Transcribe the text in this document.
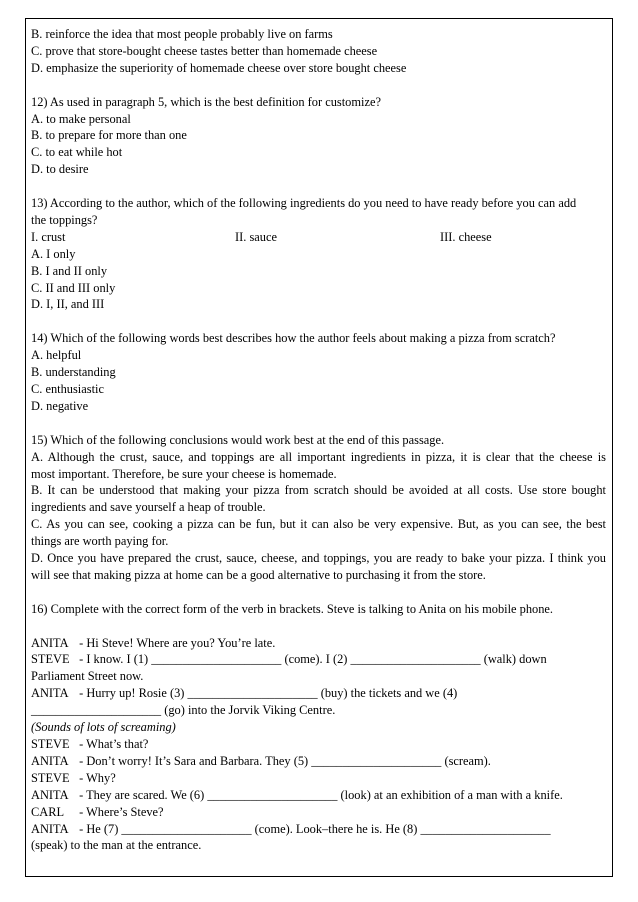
B. reinforce the idea that most people probably live on farms
C. prove that store-bought cheese tastes better than homemade cheese
D. emphasize the superiority of homemade cheese over store bought cheese
12) As used in paragraph 5, which is the best definition for customize?
A. to make personal
B. to prepare for more than one
C. to eat while hot
D. to desire
13) According to the author, which of the following ingredients do you need to have ready before you can add
the toppings?
I. crust	II. sauce	III. cheese
A. I only
B. I and II only
C. II and III only
D. I, II, and III
14) Which of the following words best describes how the author feels about making a pizza from scratch?
A. helpful
B. understanding
C. enthusiastic
D. negative
15) Which of the following conclusions would work best at the end of this passage.
A. Although the crust, sauce, and toppings are all important ingredients in pizza, it is clear that the cheese is
most important. Therefore, be sure your cheese is homemade.
B. It can be understood that making your pizza from scratch should be avoided at all costs. Use store bought
ingredients and save yourself a heap of trouble.
C. As you can see, cooking a pizza can be fun, but it can also be very expensive. But, as you can see, the best
things are worth paying for.
D. Once you have prepared the crust, sauce, cheese, and toppings, you are ready to bake your pizza. I think you
will see that making pizza at home can be a good alternative to purchasing it from the store.
16) Complete with the correct form of the verb in brackets. Steve is talking to Anita on his mobile phone.
ANITA - Hi Steve! Where are you? You’re late.
STEVE - I know. I (1) _____________________ (come). I (2) _____________________ (walk) down
Parliament Street now.
ANITA - Hurry up! Rosie (3) _____________________ (buy) the tickets and we (4)
_____________________ (go) into the Jorvik Viking Centre.
(Sounds of lots of screaming)
STEVE - What’s that?
ANITA - Don’t worry! It’s Sara and Barbara. They (5) _____________________ (scream).
STEVE - Why?
ANITA - They are scared. We (6) _____________________ (look) at an exhibition of a man with a knife.
CARL - Where’s Steve?
ANITA - He (7) _____________________ (come). Look–there he is. He (8) _____________________
(speak) to the man at the entrance.
